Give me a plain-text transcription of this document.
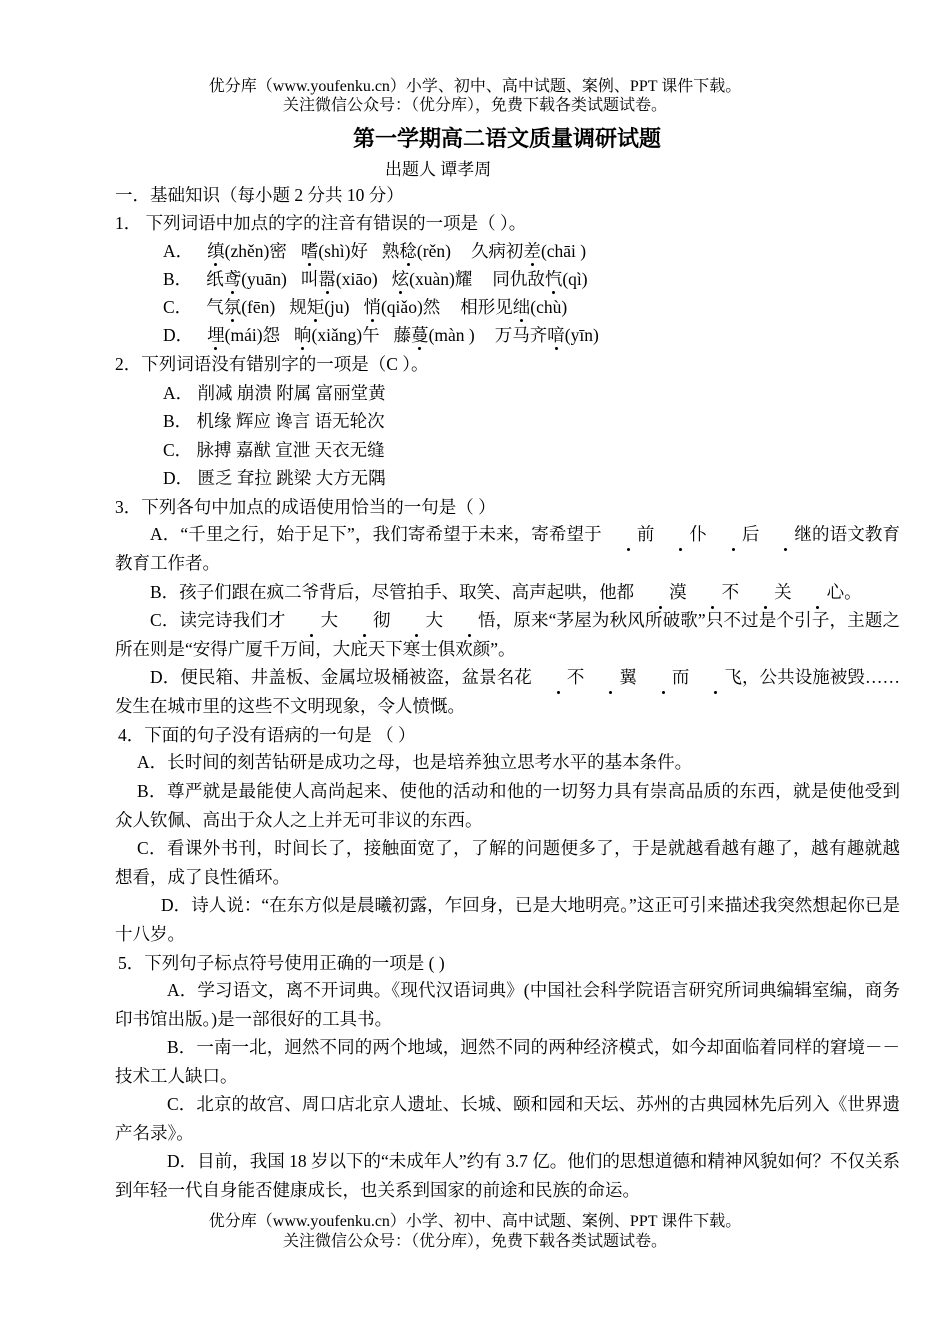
优分库（www.youfenku.cn）小学、初中、高中试题、案例、PPT 课件下载。
关注微信公众号：（优分库），免费下载各类试题试卷。
第一学期高二语文质量调研试题
出题人 谭孝周
一．基础知识（每小题 2 分共 10 分）
1． 下列词语中加点的字的注音有错误的一项是（ ）。
A． 缜(zhěn)密 嗜(shì)好 熟稔(rěn) 久病初差(chāi )
B． 纸鸢(yuān) 叫嚣(xiāo) 炫(xuàn)耀 同仇敌忾(qì)
C． 气氛(fēn) 规矩(ju) 悄(qiǎo)然 相形见绌(chù)
D． 埋(mái)怨 晌(xiǎng)午 藤蔓(màn ) 万马齐喑(yīn)
2．下列词语没有错别字的一项是（C ）。
A． 削减 崩溃 附属 富丽堂黄
B． 机缘 辉应 谗言 语无轮次
C． 脉搏 嘉猷 宣泄 天衣无缝
D． 匮乏 耷拉 跳梁 大方无隅
3．下列各句中加点的成语使用恰当的一句是（ ）
A．“千里之行，始于足下”，我们寄希望于未来，寄希望于 前 仆 后 继的语文教育教育工作者。
B．孩子们跟在疯二爷背后，尽管拍手、取笑、高声起哄，他都 漠 不 关 心。
C．读完诗我们才 大 彻 大 悟，原来“茅屋为秋风所破歌”只不过是个引子，主题之所在则是“安得广厦千万间，大庇天下寒士俱欢颜”。
D．便民箱、井盖板、金属垃圾桶被盗，盆景名花 不 翼 而 飞，公共设施被毁……发生在城市里的这些不文明现象，令人愤慨。
4．下面的句子没有语病的一句是 （ ）
A．长时间的刻苦钻研是成功之母，也是培养独立思考水平的基本条件。
B．尊严就是最能使人高尚起来、使他的活动和他的一切努力具有崇高品质的东西，就是使他受到众人钦佩、高出于众人之上并无可非议的东西。
C．看课外书刊，时间长了，接触面宽了，了解的问题便多了，于是就越看越有趣了，越有趣就越想看，成了良性循环。
D．诗人说：“在东方似是晨曦初露，乍回身，已是大地明亮。”这正可引来描述我突然想起你已是十八岁。
5．下列句子标点符号使用正确的一项是 ( )
A．学习语文，离不开词典。《现代汉语词典》(中国社会科学院语言研究所词典编辑室编，商务印书馆出版。)是一部很好的工具书。
B．一南一北，迥然不同的两个地域，迥然不同的两种经济模式，如今却面临着同样的窘境－－技术工人缺口。
C．北京的故宫、周口店北京人遗址、长城、颐和园和天坛、苏州的古典园林先后列入《世界遗产名录》。
D．目前，我国 18 岁以下的“未成年人”约有 3.7 亿。他们的思想道德和精神风貌如何？不仅关系到年轻一代自身能否健康成长，也关系到国家的前途和民族的命运。
优分库（www.youfenku.cn）小学、初中、高中试题、案例、PPT 课件下载。
关注微信公众号：（优分库），免费下载各类试题试卷。
